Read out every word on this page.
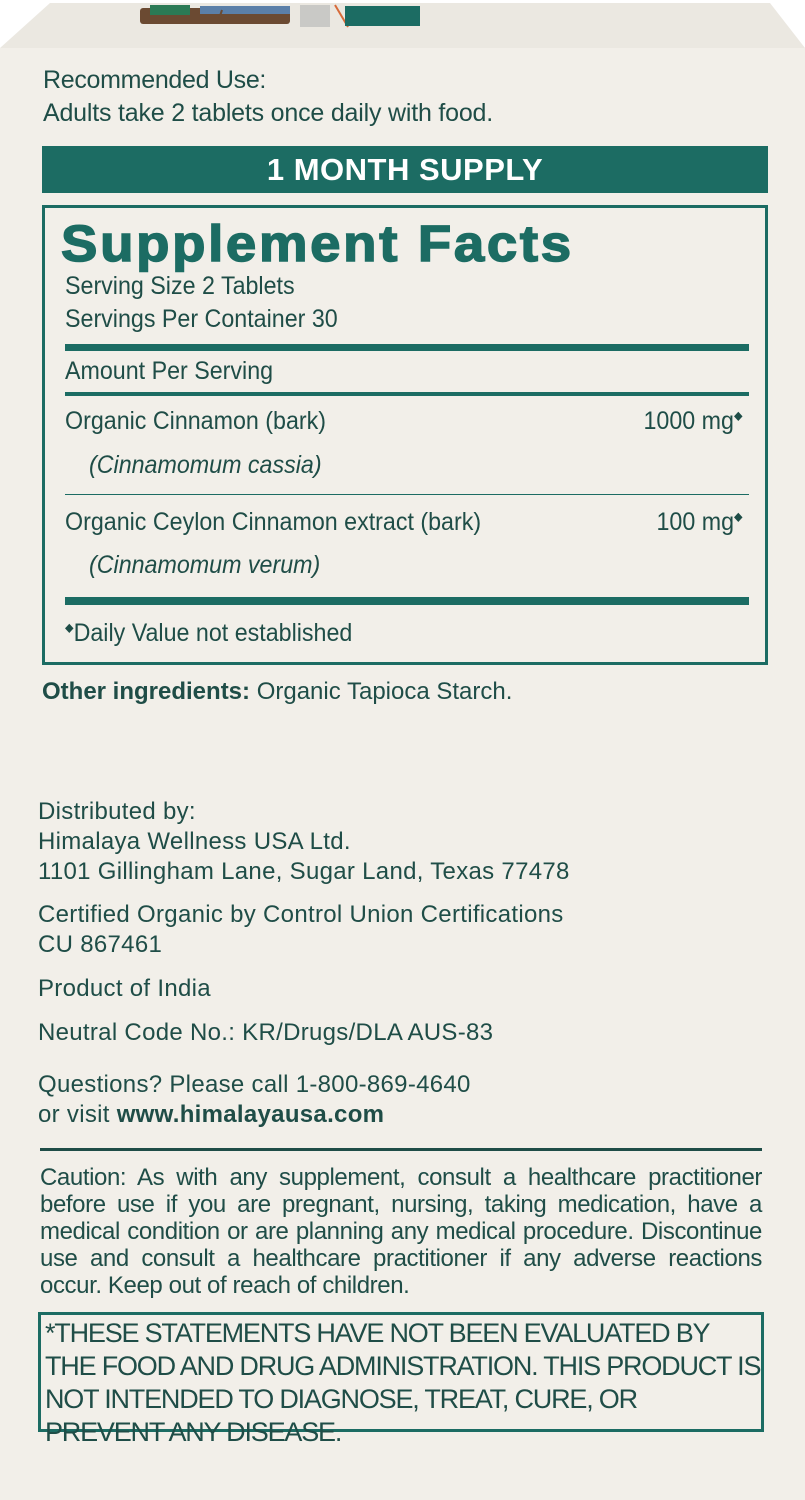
Recommended Use:
Adults take 2 tablets once daily with food.
1 MONTH SUPPLY
Supplement Facts
Serving Size 2 Tablets
Servings Per Container 30
Amount Per Serving
Organic Cinnamon (bark)	1000 mg◆
(Cinnamomum cassia)
Organic Ceylon Cinnamon extract (bark)	100 mg◆
(Cinnamomum verum)
◆Daily Value not established
Other ingredients: Organic Tapioca Starch.
Distributed by:
Himalaya Wellness USA Ltd.
1101 Gillingham Lane, Sugar Land, Texas 77478
Certified Organic by Control Union Certifications
CU 867461
Product of India
Neutral Code No.: KR/Drugs/DLA AUS-83
Questions? Please call 1-800-869-4640
or visit www.himalayausa.com
Caution: As with any supplement, consult a healthcare practitioner before use if you are pregnant, nursing, taking medication, have a medical condition or are planning any medical procedure. Discontinue use and consult a healthcare practitioner if any adverse reactions occur. Keep out of reach of children.
*THESE STATEMENTS HAVE NOT BEEN EVALUATED BY THE FOOD AND DRUG ADMINISTRATION. THIS PRODUCT IS NOT INTENDED TO DIAGNOSE, TREAT, CURE, OR PREVENT ANY DISEASE.
